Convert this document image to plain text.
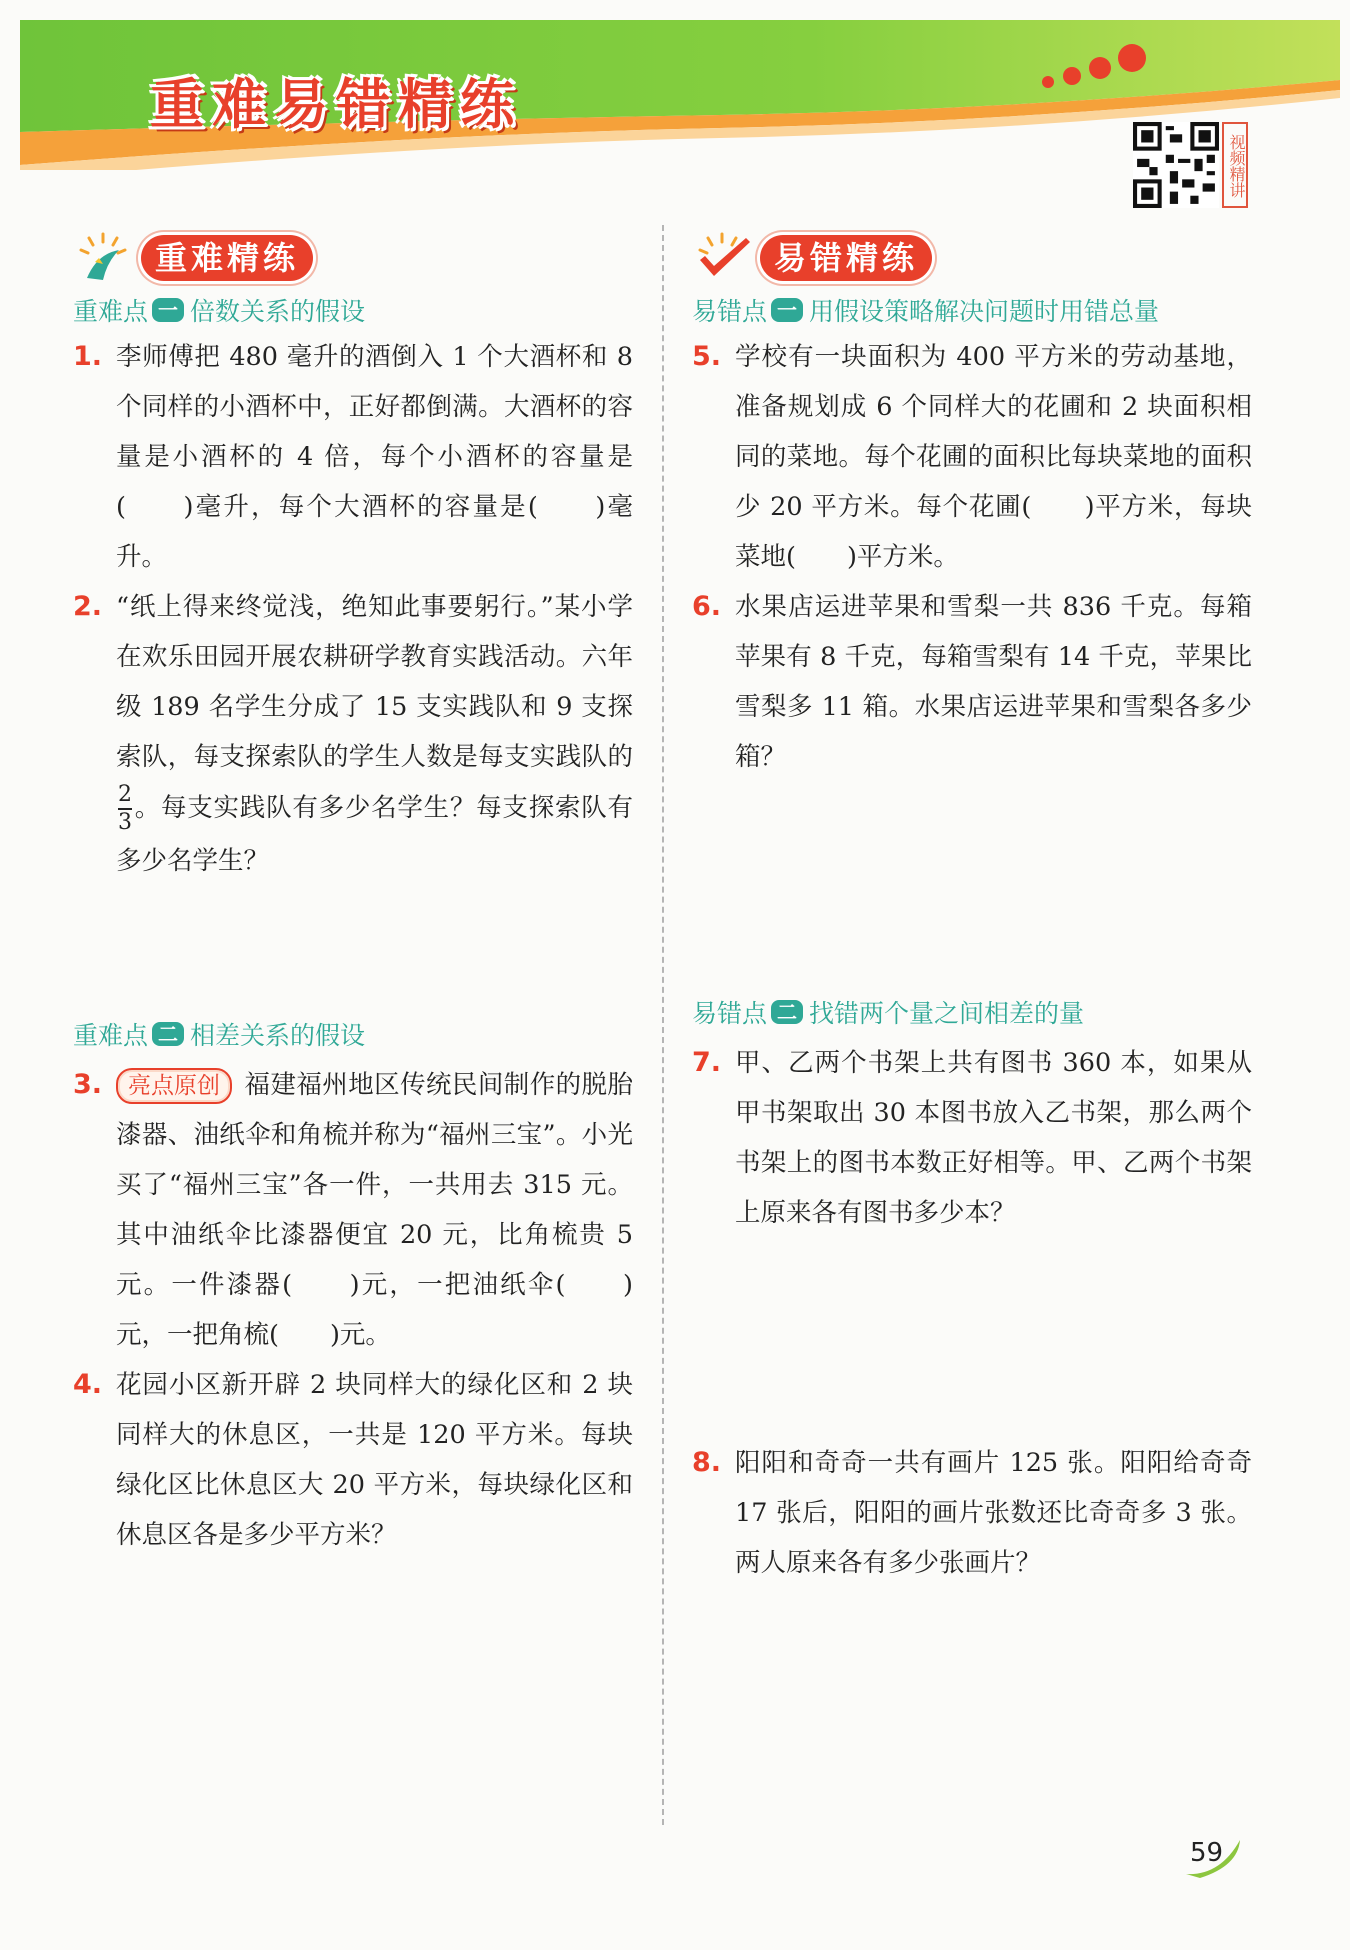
重难易错精练
视频精讲
重难精练
重难点 一 倍数关系的假设
1. 李师傅把 480 毫升的酒倒入 1 个大酒杯和 8 个同样的小酒杯中，正好都倒满。大酒杯的容量是小酒杯的 4 倍，每个小酒杯的容量是(　　)毫升，每个大酒杯的容量是(　　)毫升。
2. “纸上得来终觉浅，绝知此事要躬行。”某小学在欢乐田园开展农耕研学教育实践活动。六年级 189 名学生分成了 15 支实践队和 9 支探索队，每支探索队的学生人数是每支实践队的
$\frac{2}{3}$ 。每支实践队有多少名学生？每支探索队有多少名学生？
重难点 二 相差关系的假设
3. 亮点原创 福建福州地区传统民间制作的脱胎漆器、油纸伞和角梳并称为“福州三宝”。小光买了“福州三宝”各一件，一共用去 315 元。其中油纸伞比漆器便宜 20 元，比角梳贵 5 元。一件漆器(　　)元，一把油纸伞(　　)元，一把角梳(　　)元。
4. 花园小区新开辟 2 块同样大的绿化区和 2 块同样大的休息区，一共是 120 平方米。每块绿化区比休息区大 20 平方米，每块绿化区和休息区各是多少平方米？
易错精练
易错点 一 用假设策略解决问题时用错总量
5. 学校有一块面积为 400 平方米的劳动基地，准备规划成 6 个同样大的花圃和 2 块面积相同的菜地。每个花圃的面积比每块菜地的面积少 20 平方米。每个花圃(　　)平方米，每块菜地(　　)平方米。
6. 水果店运进苹果和雪梨一共 836 千克。每箱苹果有 8 千克，每箱雪梨有 14 千克，苹果比雪梨多 11 箱。水果店运进苹果和雪梨各多少箱？
易错点 二 找错两个量之间相差的量
7. 甲、乙两个书架上共有图书 360 本，如果从甲书架取出 30 本图书放入乙书架，那么两个书架上的图书本数正好相等。甲、乙两个书架上原来各有图书多少本？
8. 阳阳和奇奇一共有画片 125 张。阳阳给奇奇 17 张后，阳阳的画片张数还比奇奇多 3 张。两人原来各有多少张画片？
59
